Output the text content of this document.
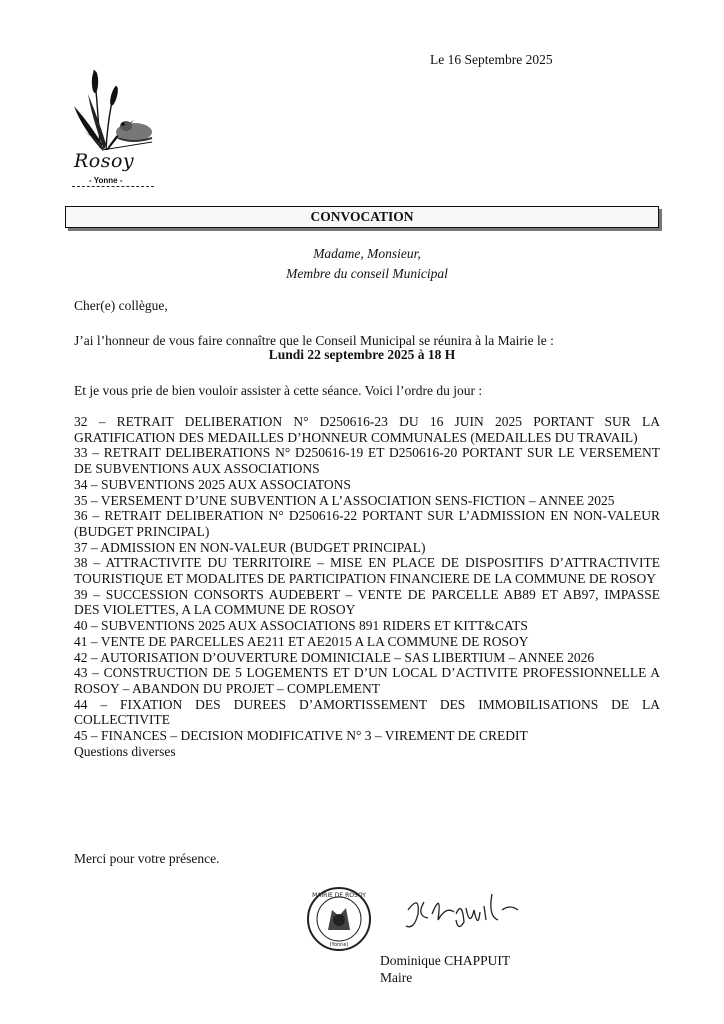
Le 16 Septembre 2025
Rosoy
- Yonne -
CONVOCATION
Madame, Monsieur,
Membre du conseil Municipal
Cher(e) collègue,
J’ai l’honneur de vous faire connaître que le Conseil Municipal se réunira à la Mairie le :
Lundi 22 septembre 2025 à 18 H
Et je vous prie de bien vouloir assister à cette séance. Voici l’ordre du jour :
32 – RETRAIT DELIBERATION N° D250616-23 DU 16 JUIN 2025 PORTANT SUR LA GRATIFICATION DES MEDAILLES D’HONNEUR COMMUNALES (MEDAILLES DU TRAVAIL)
33 – RETRAIT DELIBERATIONS N° D250616-19 ET D250616-20 PORTANT SUR LE VERSEMENT DE SUBVENTIONS AUX ASSOCIATIONS
34 – SUBVENTIONS 2025 AUX ASSOCIATONS
35 – VERSEMENT D’UNE SUBVENTION A L’ASSOCIATION SENS-FICTION – ANNEE 2025
36 – RETRAIT DELIBERATION N° D250616-22 PORTANT SUR L’ADMISSION EN NON-VALEUR (BUDGET PRINCIPAL)
37 – ADMISSION EN NON-VALEUR (BUDGET PRINCIPAL)
38 – ATTRACTIVITE DU TERRITOIRE – MISE EN PLACE DE DISPOSITIFS D’ATTRACTIVITE TOURISTIQUE ET MODALITES DE PARTICIPATION FINANCIERE DE LA COMMUNE DE ROSOY
39 – SUCCESSION CONSORTS AUDEBERT – VENTE DE PARCELLE AB89 ET AB97, IMPASSE DES VIOLETTES, A LA COMMUNE DE ROSOY
40 – SUBVENTIONS 2025 AUX ASSOCIATIONS 891 RIDERS ET KITT&CATS
41 – VENTE DE PARCELLES AE211 ET AE2015 A LA COMMUNE DE ROSOY
42 – AUTORISATION D’OUVERTURE DOMINICIALE – SAS LIBERTIUM – ANNEE 2026
43 – CONSTRUCTION DE 5 LOGEMENTS ET D’UN LOCAL D’ACTIVITE PROFESSIONNELLE A ROSOY – ABANDON DU PROJET – COMPLEMENT
44 – FIXATION DES DUREES D’AMORTISSEMENT DES IMMOBILISATIONS DE LA COLLECTIVITE
45 – FINANCES – DECISION MODIFICATIVE N° 3 – VIREMENT DE CREDIT
Questions diverses
Merci pour votre présence.
MAIRIE DE ROSOY
(Yonne)
Dominique CHAPPUIT
Maire
